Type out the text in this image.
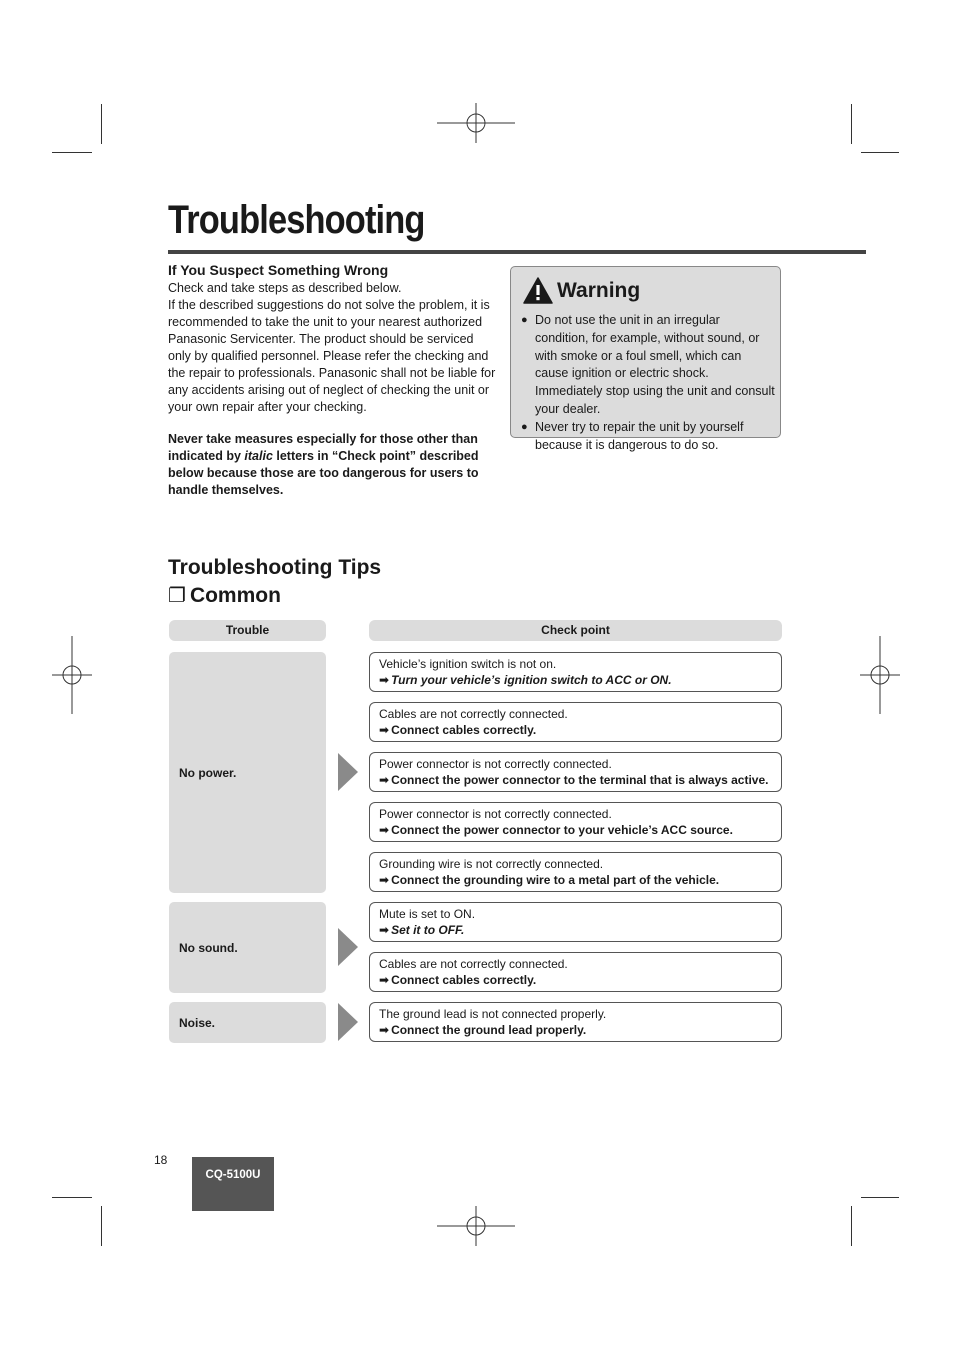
Troubleshooting
If You Suspect Something Wrong
Check and take steps as described below.
If the described suggestions do not solve the problem, it is recommended to take the unit to your nearest authorized Panasonic Servicenter. The product should be serviced only by qualified personnel. Please refer the checking and the repair to professionals. Panasonic shall not be liable for any accidents arising out of neglect of checking the unit or your own repair after your checking.
Never take measures especially for those other than indicated by italic letters in “Check point” described below because those are too dangerous for users to handle themselves.
Warning
● Do not use the unit in an irregular condition, for example, without sound, or with smoke or a foul smell, which can cause ignition or electric shock. Immediately stop using the unit and consult your dealer.
● Never try to repair the unit by yourself because it is dangerous to do so.
Troubleshooting Tips
❐ Common
Trouble	Check point
No power.
No sound.
Noise.
Vehicle’s ignition switch is not on.
➡ Turn your vehicle’s ignition switch to ACC or ON.
Cables are not correctly connected.
➡ Connect cables correctly.
Power connector is not correctly connected.
➡ Connect the power connector to the terminal that is always active.
Power connector is not correctly connected.
➡ Connect the power connector to your vehicle’s ACC source.
Grounding wire is not correctly connected.
➡ Connect the grounding wire to a metal part of the vehicle.
Mute is set to ON.
➡ Set it to OFF.
Cables are not correctly connected.
➡ Connect cables correctly.
The ground lead is not connected properly.
➡ Connect the ground lead properly.
18
CQ-5100U
